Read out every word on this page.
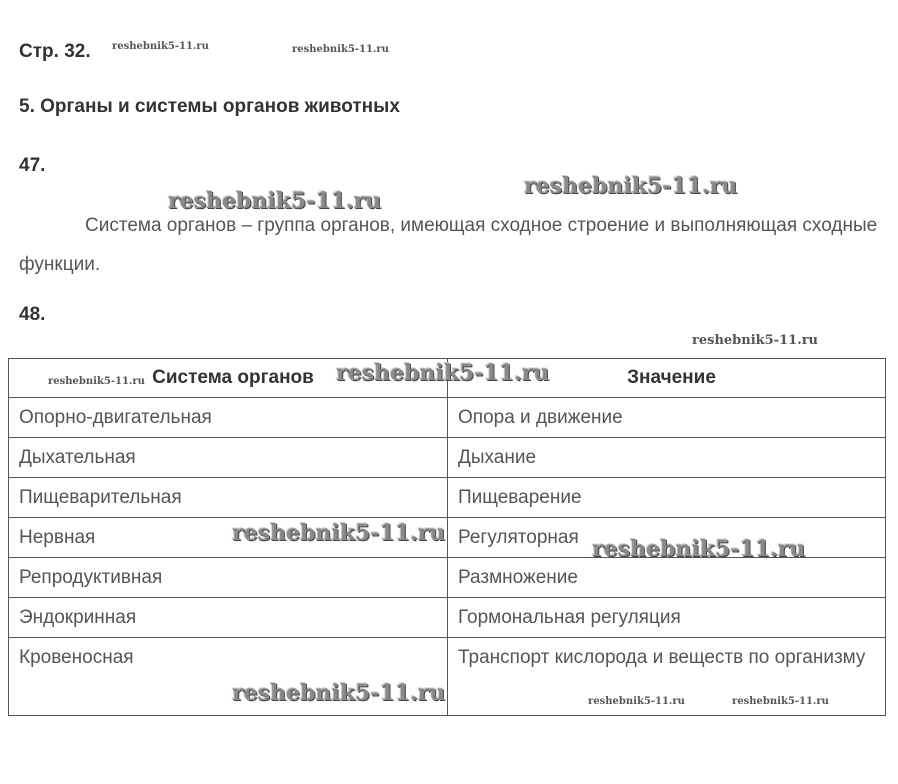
Стр. 32.
5. Органы и системы органов животных
47.

Система органов – группа органов, имеющая сходное строение и выполняющая сходные функции.

48.
Система органов	Значение
Опорно-двигательная	Опора и движение
Дыхательная	Дыхание
Пищеварительная	Пищеварение
Нервная	Регуляторная
Репродуктивная	Размножение
Эндокринная	Гормональная регуляция
Кровеносная	Транспорт кислорода и веществ по организму
reshebnik5-11.ru	reshebnik5-11.ru
reshebnik5-11.ru
reshebnik5-11.ru
reshebnik5-11.ru
reshebnik5-11.ru	reshebnik5-11.ru
reshebnik5-11.ru
reshebnik5-11.ru
reshebnik5-11.ru	reshebnik5-11.ru	reshebnik5-11.ru
